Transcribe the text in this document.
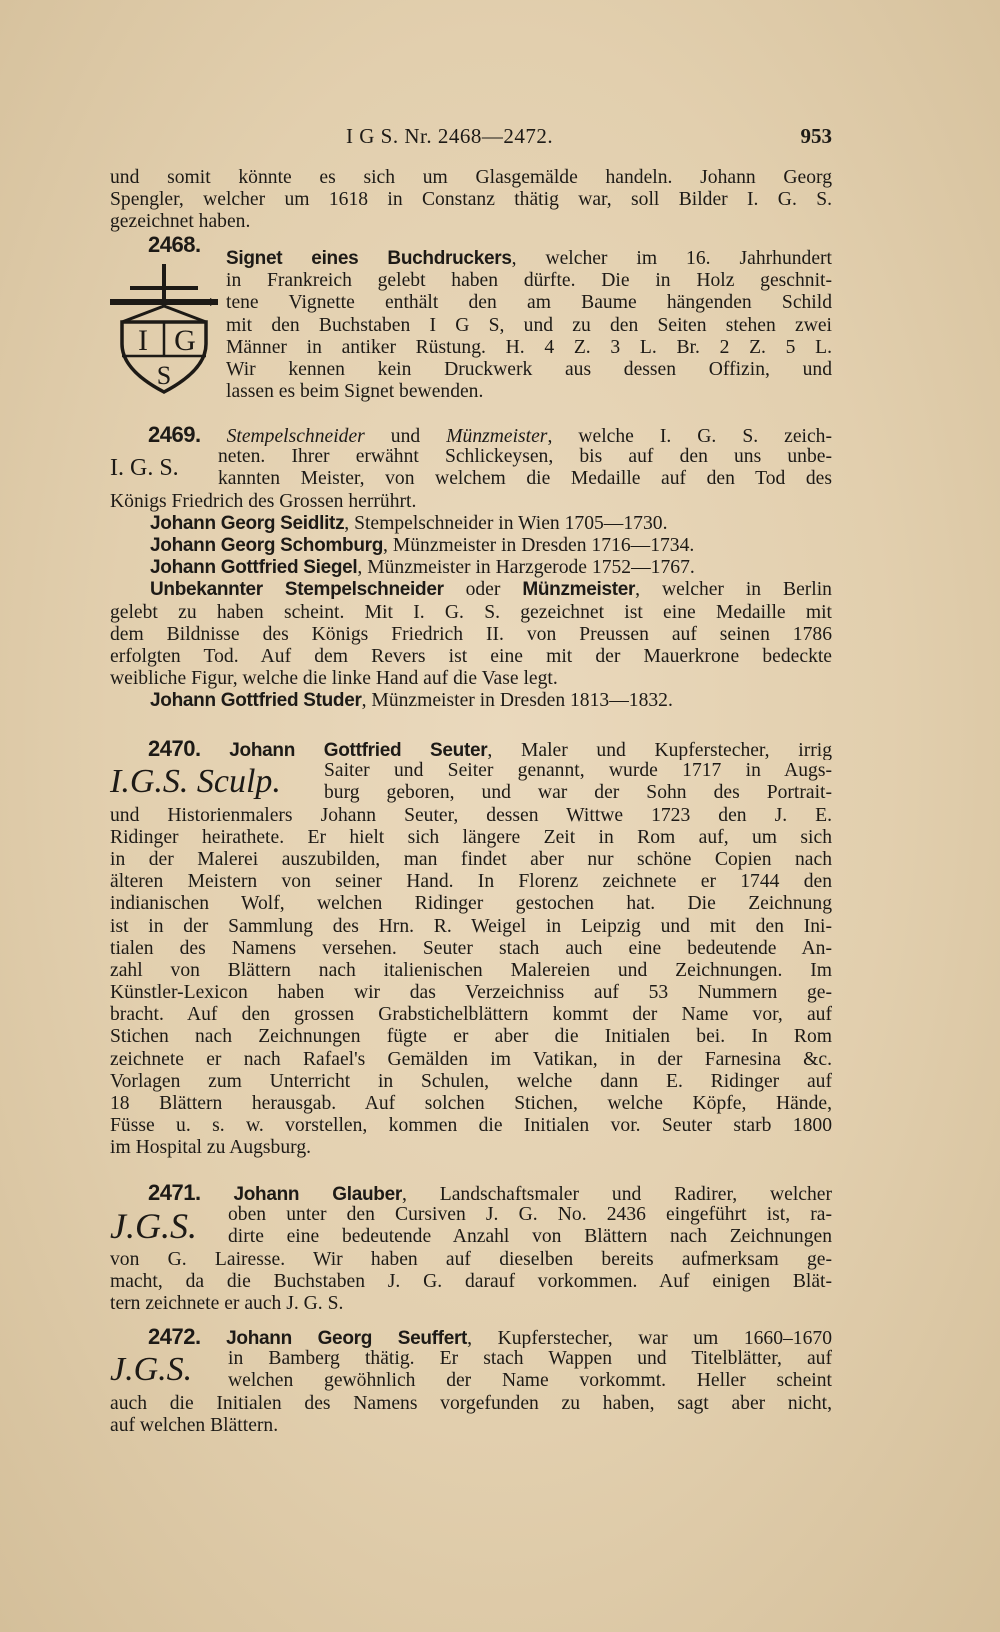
I G S. Nr. 2468—2472.	953
und somit könnte es sich um Glasgemälde handeln. Johann Georg
Spengler, welcher um 1618 in Constanz thätig war, soll Bilder I. G. S.
gezeichnet haben.
2468.
Signet eines Buchdruckers, welcher im 16. Jahrhundert
in Frankreich gelebt haben dürfte. Die in Holz geschnit-
tene Vignette enthält den am Baume hängenden Schild
mit den Buchstaben I G S, und zu den Seiten stehen zwei
Männer in antiker Rüstung. H. 4 Z. 3 L. Br. 2 Z. 5 L.
Wir kennen kein Druckwerk aus dessen Offizin, und
lassen es beim Signet bewenden.
I G
S
2469. Stempelschneider und Münzmeister, welche I. G. S. zeich-
I. G. S. neten. Ihrer erwähnt Schlickeysen, bis auf den uns unbe-
kannten Meister, von welchem die Medaille auf den Tod des
Königs Friedrich des Grossen herrührt.
Johann Georg Seidlitz, Stempelschneider in Wien 1705—1730.
Johann Georg Schomburg, Münzmeister in Dresden 1716—1734.
Johann Gottfried Siegel, Münzmeister in Harzgerode 1752—1767.
Unbekannter Stempelschneider oder Münzmeister, welcher in Berlin
gelebt zu haben scheint. Mit I. G. S. gezeichnet ist eine Medaille mit
dem Bildnisse des Königs Friedrich II. von Preussen auf seinen 1786
erfolgten Tod. Auf dem Revers ist eine mit der Mauerkrone bedeckte
weibliche Figur, welche die linke Hand auf die Vase legt.
Johann Gottfried Studer, Münzmeister in Dresden 1813—1832.
2470. Johann Gottfried Seuter, Maler und Kupferstecher, irrig
I.G.S. Sculp. Saiter und Seiter genannt, wurde 1717 in Augs-
burg geboren, und war der Sohn des Portrait-
und Historienmalers Johann Seuter, dessen Wittwe 1723 den J. E.
Ridinger heirathete. Er hielt sich längere Zeit in Rom auf, um sich
in der Malerei auszubilden, man findet aber nur schöne Copien nach
älteren Meistern von seiner Hand. In Florenz zeichnete er 1744 den
indianischen Wolf, welchen Ridinger gestochen hat. Die Zeichnung
ist in der Sammlung des Hrn. R. Weigel in Leipzig und mit den Ini-
tialen des Namens versehen. Seuter stach auch eine bedeutende An-
zahl von Blättern nach italienischen Malereien und Zeichnungen. Im
Künstler-Lexicon haben wir das Verzeichniss auf 53 Nummern ge-
bracht. Auf den grossen Grabstichelblättern kommt der Name vor, auf
Stichen nach Zeichnungen fügte er aber die Initialen bei. In Rom
zeichnete er nach Rafael's Gemälden im Vatikan, in der Farnesina &c.
Vorlagen zum Unterricht in Schulen, welche dann E. Ridinger auf
18 Blättern herausgab. Auf solchen Stichen, welche Köpfe, Hände,
Füsse u. s. w. vorstellen, kommen die Initialen vor. Seuter starb 1800
im Hospital zu Augsburg.
2471. Johann Glauber, Landschaftsmaler und Radirer, welcher
J.G.S. oben unter den Cursiven J. G. No. 2436 eingeführt ist, ra-
dirte eine bedeutende Anzahl von Blättern nach Zeichnungen
von G. Lairesse. Wir haben auf dieselben bereits aufmerksam ge-
macht, da die Buchstaben J. G. darauf vorkommen. Auf einigen Blät-
tern zeichnete er auch J. G. S.
2472. Johann Georg Seuffert, Kupferstecher, war um 1660–1670
J.G.S. in Bamberg thätig. Er stach Wappen und Titelblätter, auf
welchen gewöhnlich der Name vorkommt. Heller scheint
auch die Initialen des Namens vorgefunden zu haben, sagt aber nicht,
auf welchen Blättern.
